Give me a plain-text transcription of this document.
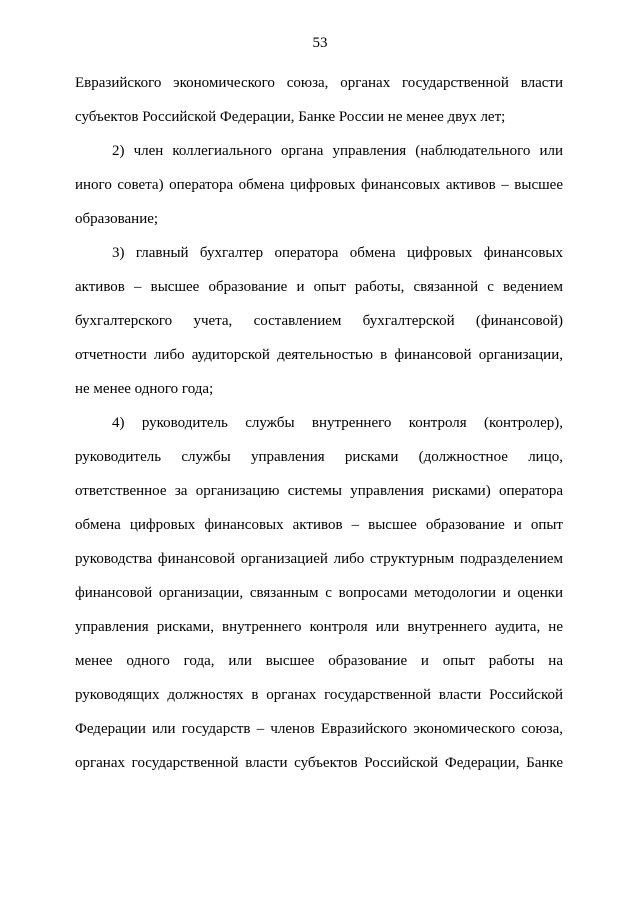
53
Евразийского экономического союза, органах государственной власти
субъектов Российской Федерации, Банке России не менее двух лет;
2) член коллегиального органа управления (наблюдательного или
иного совета) оператора обмена цифровых финансовых активов – высшее
образование;
3) главный бухгалтер оператора обмена цифровых финансовых
активов – высшее образование и опыт работы, связанной с ведением
бухгалтерского учета, составлением бухгалтерской (финансовой)
отчетности либо аудиторской деятельностью в финансовой организации,
не менее одного года;
4) руководитель службы внутреннего контроля (контролер),
руководитель службы управления рисками (должностное лицо,
ответственное за организацию системы управления рисками) оператора
обмена цифровых финансовых активов – высшее образование и опыт
руководства финансовой организацией либо структурным подразделением
финансовой организации, связанным с вопросами методологии и оценки
управления рисками, внутреннего контроля или внутреннего аудита, не
менее одного года, или высшее образование и опыт работы на
руководящих должностях в органах государственной власти Российской
Федерации или государств – членов Евразийского экономического союза,
органах государственной власти субъектов Российской Федерации, Банке
